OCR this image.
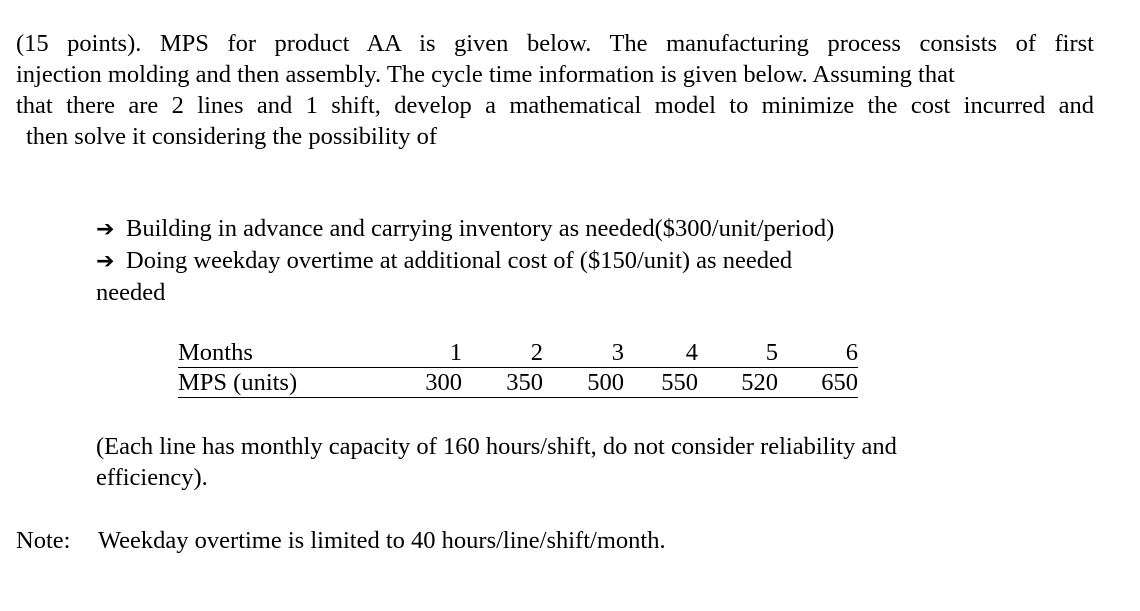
(15 points). MPS for product AA is given below. The manufacturing process consists of first
injection molding and then assembly. The cycle time information is given below. Assuming that
that there are 2 lines and 1 shift, develop a mathematical model to minimize the cost incurred and
then solve it considering the possibility of
➔ Building in advance and carrying inventory as needed($300/unit/period)
➔ Doing weekday overtime at additional cost of ($150/unit) as needed
needed
Months	1	2	3	4	5	6
MPS (units)	300	350	500	550	520	650
(Each line has monthly capacity of 160 hours/shift, do not consider reliability and
efficiency).
Note: Weekday overtime is limited to 40 hours/line/shift/month.
